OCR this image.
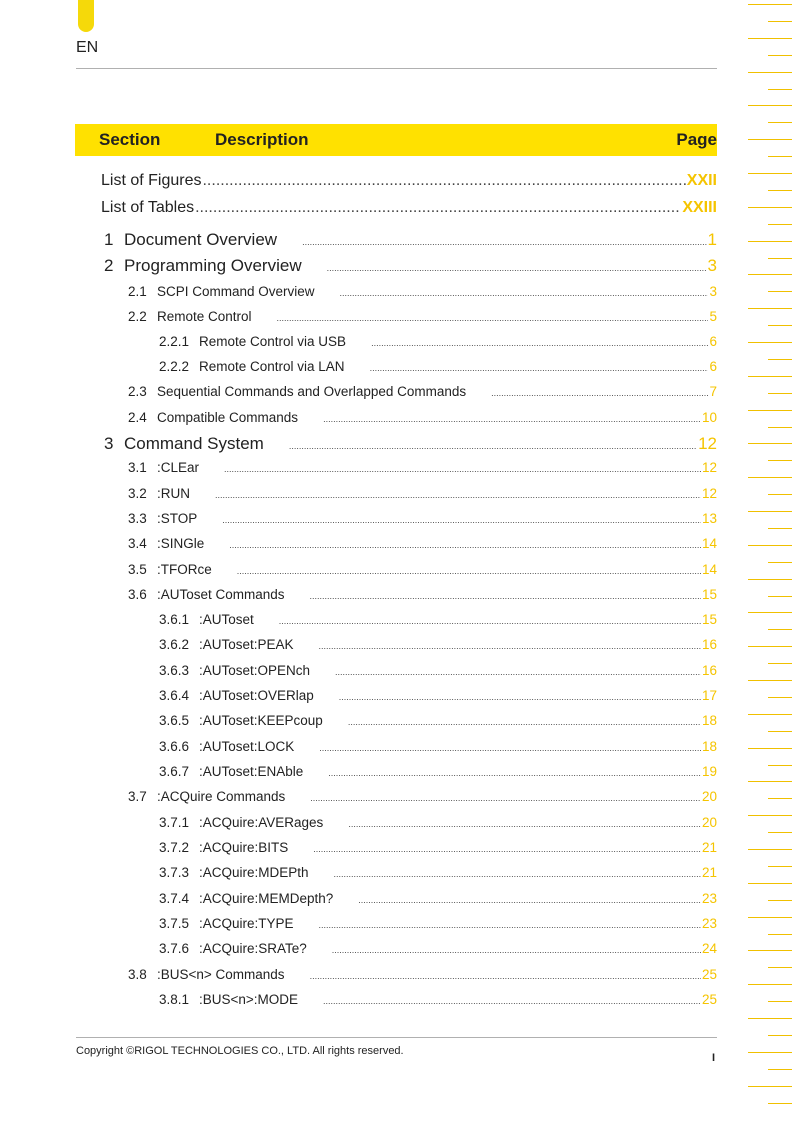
EN
Section	Description	Page
List of Figures .....	XXII
List of Tables .....	XXIII
1 Document Overview .....	1
2 Programming Overview .....	3
2.1 SCPI Command Overview .....	3
2.2 Remote Control .....	5
2.2.1 Remote Control via USB .....	6
2.2.2 Remote Control via LAN .....	6
2.3 Sequential Commands and Overlapped Commands .....	7
2.4 Compatible Commands .....	10
3 Command System .....	12
3.1 :CLEar .....	12
3.2 :RUN .....	12
3.3 :STOP .....	13
3.4 :SINGle .....	14
3.5 :TFORce .....	14
3.6 :AUToset Commands .....	15
3.6.1 :AUToset .....	15
3.6.2 :AUToset:PEAK .....	16
3.6.3 :AUToset:OPENch .....	16
3.6.4 :AUToset:OVERlap .....	17
3.6.5 :AUToset:KEEPcoup .....	18
3.6.6 :AUToset:LOCK .....	18
3.6.7 :AUToset:ENAble .....	19
3.7 :ACQuire Commands .....	20
3.7.1 :ACQuire:AVERages .....	20
3.7.2 :ACQuire:BITS .....	21
3.7.3 :ACQuire:MDEPth .....	21
3.7.4 :ACQuire:MEMDepth? .....	23
3.7.5 :ACQuire:TYPE .....	23
3.7.6 :ACQuire:SRATe? .....	24
3.8 :BUS<n> Commands .....	25
3.8.1 :BUS<n>:MODE .....	25
Copyright ©RIGOL TECHNOLOGIES CO., LTD. All rights reserved.
I
